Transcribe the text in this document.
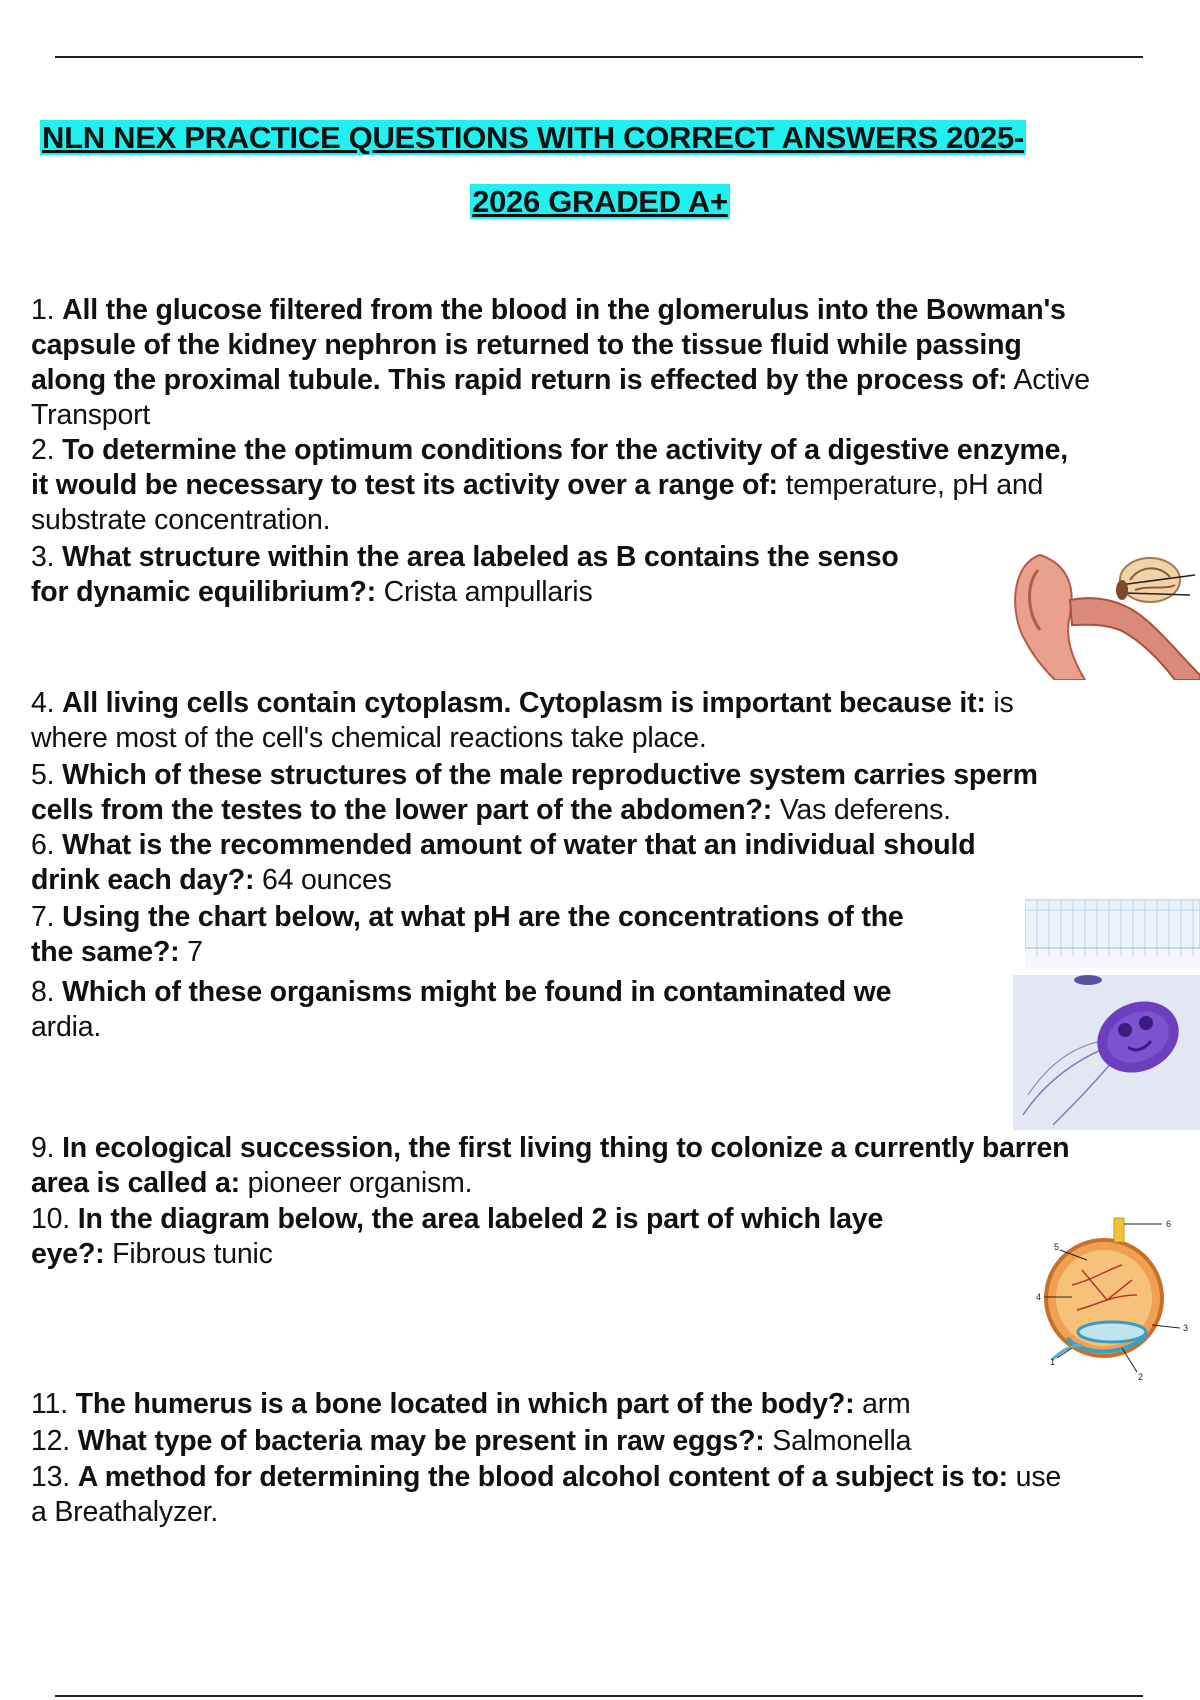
NLN NEX PRACTICE QUESTIONS WITH CORRECT ANSWERS 2025-
2026 GRADED A+
1. All the glucose filtered from the blood in the glomerulus into the Bowman's
capsule of the kidney nephron is returned to the tissue fluid while passing
along the proximal tubule. This rapid return is effected by the process of: Active
Transport
2. To determine the optimum conditions for the activity of a digestive enzyme,
it would be necessary to test its activity over a range of: temperature, pH and
substrate concentration.
3. What structure within the area labeled as B contains the senso
for dynamic equilibrium?: Crista ampullaris
4. All living cells contain cytoplasm. Cytoplasm is important because it: is
where most of the cell's chemical reactions take place.
5. Which of these structures of the male reproductive system carries sperm
cells from the testes to the lower part of the abdomen?: Vas deferens.
6. What is the recommended amount of water that an individual should
drink each day?: 64 ounces
7. Using the chart below, at what pH are the concentrations of the
the same?: 7
8. Which of these organisms might be found in contaminated we
ardia.
9. In ecological succession, the first living thing to colonize a currently barren
area is called a: pioneer organism.
10. In the diagram below, the area labeled 2 is part of which laye
eye?: Fibrous tunic
11. The humerus is a bone located in which part of the body?: arm
12. What type of bacteria may be present in raw eggs?: Salmonella
13. A method for determining the blood alcohol content of a subject is to: use
a Breathalyzer.
6
5
4
3
1
2
